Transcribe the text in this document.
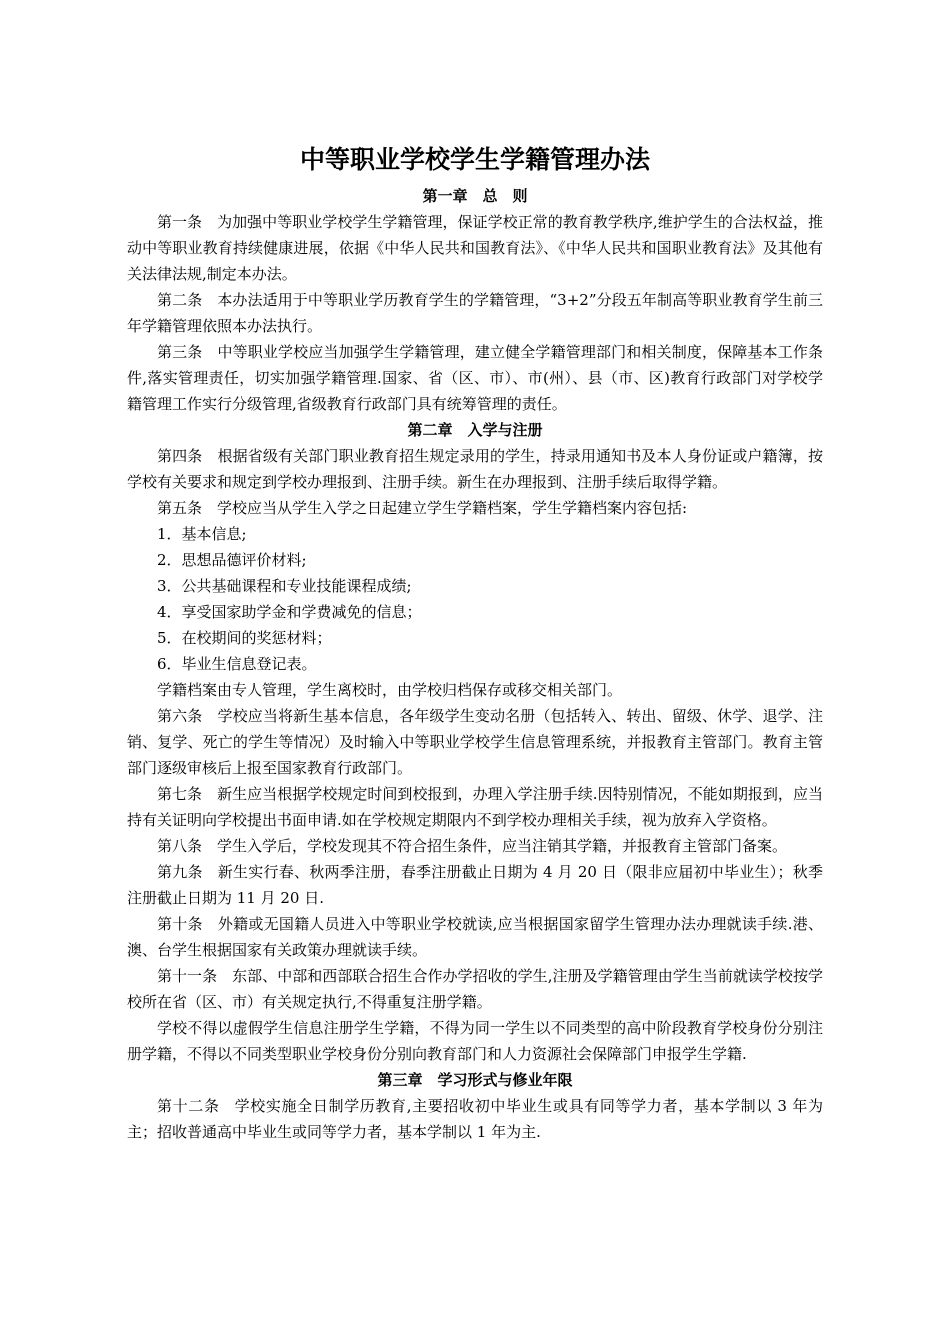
中等职业学校学生学籍管理办法
第一章　总　则

第一条 为加强中等职业学校学生学籍管理，保证学校正常的教育教学秩序,维护学生的合法权益，推动中等职业教育持续健康进展，依据《中华人民共和国教育法》、《中华人民共和国职业教育法》及其他有关法律法规,制定本办法。

第二条 本办法适用于中等职业学历教育学生的学籍管理，“3+2”分段五年制高等职业教育学生前三年学籍管理依照本办法执行。

第三条 中等职业学校应当加强学生学籍管理，建立健全学籍管理部门和相关制度，保障基本工作条件,落实管理责任，切实加强学籍管理.国家、省（区、市）、市(州）、县（市、区)教育行政部门对学校学籍管理工作实行分级管理,省级教育行政部门具有统筹管理的责任。

第二章　入学与注册

第四条 根据省级有关部门职业教育招生规定录用的学生，持录用通知书及本人身份证或户籍簿，按学校有关要求和规定到学校办理报到、注册手续。新生在办理报到、注册手续后取得学籍。

第五条 学校应当从学生入学之日起建立学生学籍档案，学生学籍档案内容包括:

1．基本信息;

2．思想品德评价材料;

3．公共基础课程和专业技能课程成绩;

4．享受国家助学金和学费减免的信息；

5．在校期间的奖惩材料；

6．毕业生信息登记表。

学籍档案由专人管理，学生离校时，由学校归档保存或移交相关部门。

第六条 学校应当将新生基本信息，各年级学生变动名册（包括转入、转出、留级、休学、退学、注销、复学、死亡的学生等情况）及时输入中等职业学校学生信息管理系统，并报教育主管部门。教育主管部门逐级审核后上报至国家教育行政部门。

第七条 新生应当根据学校规定时间到校报到，办理入学注册手续.因特别情况，不能如期报到，应当持有关证明向学校提出书面申请.如在学校规定期限内不到学校办理相关手续，视为放弃入学资格。

第八条 学生入学后，学校发现其不符合招生条件，应当注销其学籍，并报教育主管部门备案。

第九条 新生实行春、秋两季注册，春季注册截止日期为 4 月 20 日（限非应届初中毕业生）；秋季注册截止日期为 11 月 20 日.

第十条 外籍或无国籍人员进入中等职业学校就读,应当根据国家留学生管理办法办理就读手续.港、澳、台学生根据国家有关政策办理就读手续。

第十一条 东部、中部和西部联合招生合作办学招收的学生,注册及学籍管理由学生当前就读学校按学校所在省（区、市）有关规定执行,不得重复注册学籍。

学校不得以虚假学生信息注册学生学籍，不得为同一学生以不同类型的高中阶段教育学校身份分别注册学籍，不得以不同类型职业学校身份分别向教育部门和人力资源社会保障部门申报学生学籍.

第三章　学习形式与修业年限

第十二条 学校实施全日制学历教育,主要招收初中毕业生或具有同等学力者，基本学制以 3 年为主；招收普通高中毕业生或同等学力者，基本学制以 1 年为主.
